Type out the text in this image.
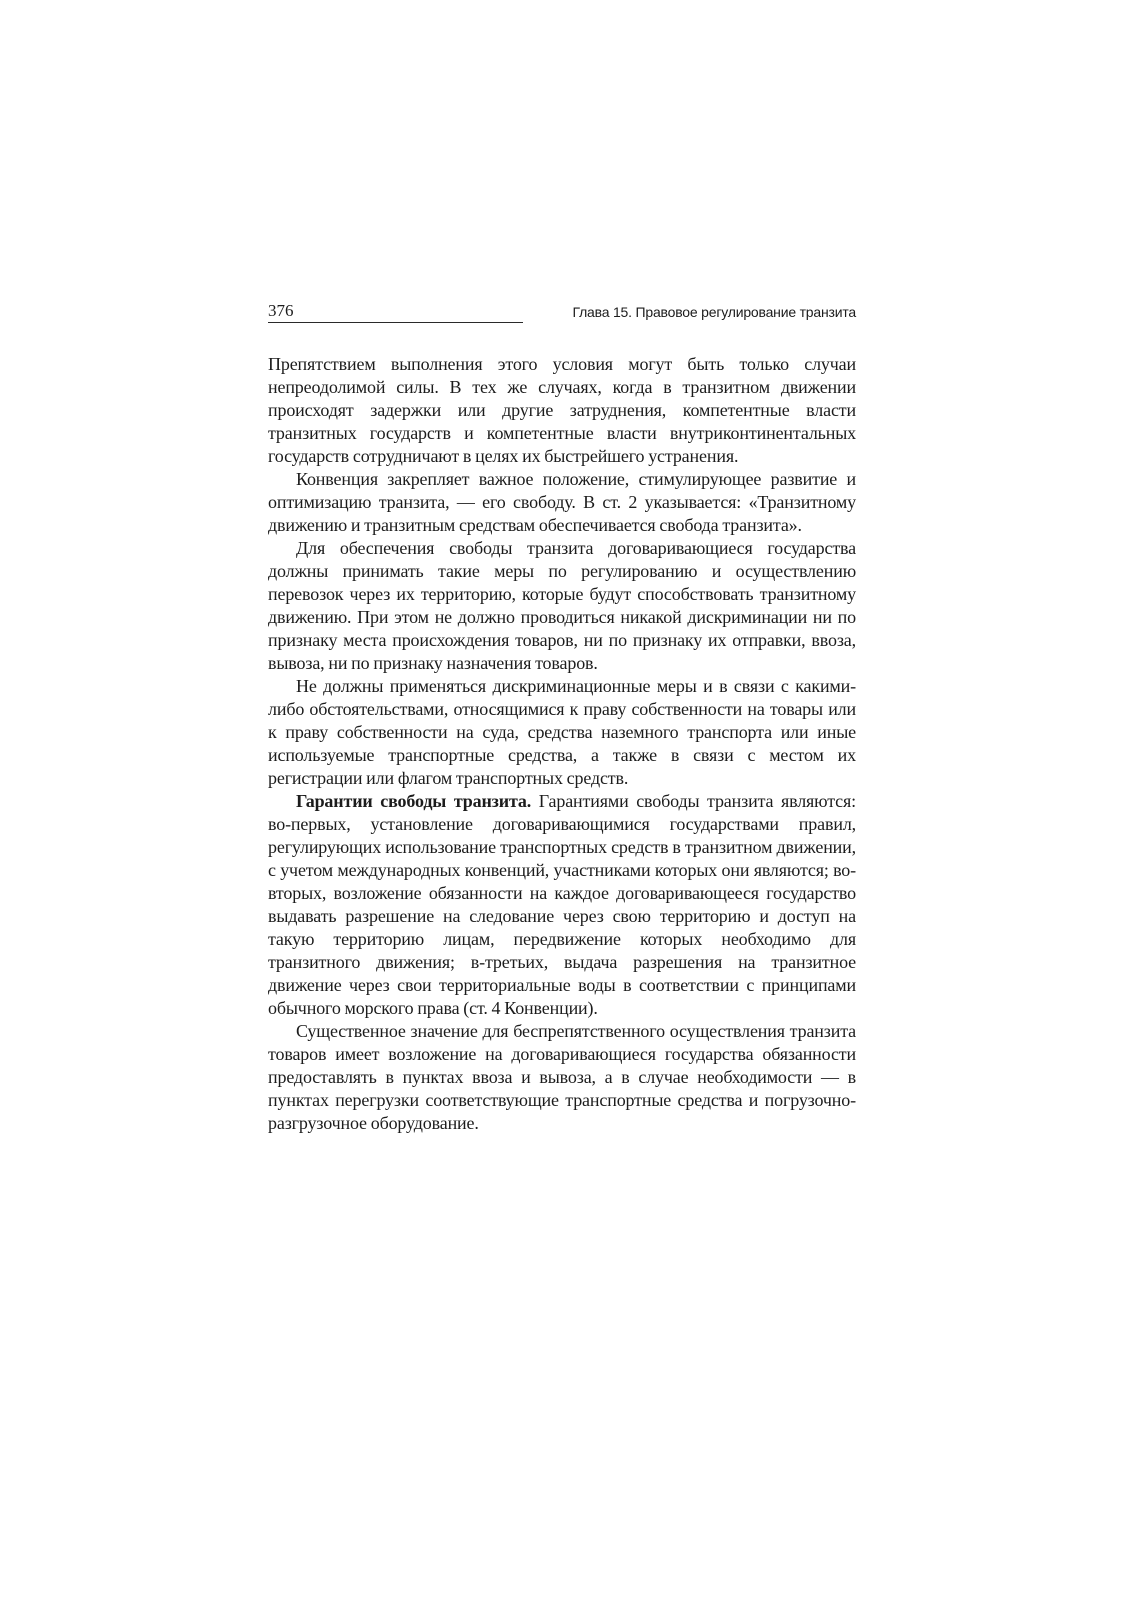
376	Глава 15. Правовое регулирование транзита

Препятствием выполнения этого условия могут быть только случаи непреодолимой силы. В тех же случаях, когда в транзитном движении происходят задержки или другие затруднения, компетентные власти транзитных государств и компетентные власти внутриконтинентальных государств сотрудничают в целях их быстрейшего устранения.

Конвенция закрепляет важное положение, стимулирующее развитие и оптимизацию транзита, — его свободу. В ст. 2 указывается: «Транзитному движению и транзитным средствам обеспечивается свобода транзита».

Для обеспечения свободы транзита договаривающиеся государства должны принимать такие меры по регулированию и осуществлению перевозок через их территорию, которые будут способствовать транзитному движению. При этом не должно проводиться никакой дискриминации ни по признаку места происхождения товаров, ни по признаку их отправки, ввоза, вывоза, ни по признаку назначения товаров.

Не должны применяться дискриминационные меры и в связи с какими-либо обстоятельствами, относящимися к праву собственности на товары или к праву собственности на суда, средства наземного транспорта или иные используемые транспортные средства, а также в связи с местом их регистрации или флагом транспортных средств.

Гарантии свободы транзита. Гарантиями свободы транзита являются: во-первых, установление договаривающимися государствами правил, регулирующих использование транспортных средств в транзитном движении, с учетом международных конвенций, участниками которых они являются; во-вторых, возложение обязанности на каждое договаривающееся государство выдавать разрешение на следование через свою территорию и доступ на такую территорию лицам, передвижение которых необходимо для транзитного движения; в-третьих, выдача разрешения на транзитное движение через свои территориальные воды в соответствии с принципами обычного морского права (ст. 4 Конвенции).

Существенное значение для беспрепятственного осуществления транзита товаров имеет возложение на договаривающиеся государства обязанности предоставлять в пунктах ввоза и вывоза, а в случае необходимости — в пунктах перегрузки соответствующие транспортные средства и погрузочно-разгрузочное оборудование.
